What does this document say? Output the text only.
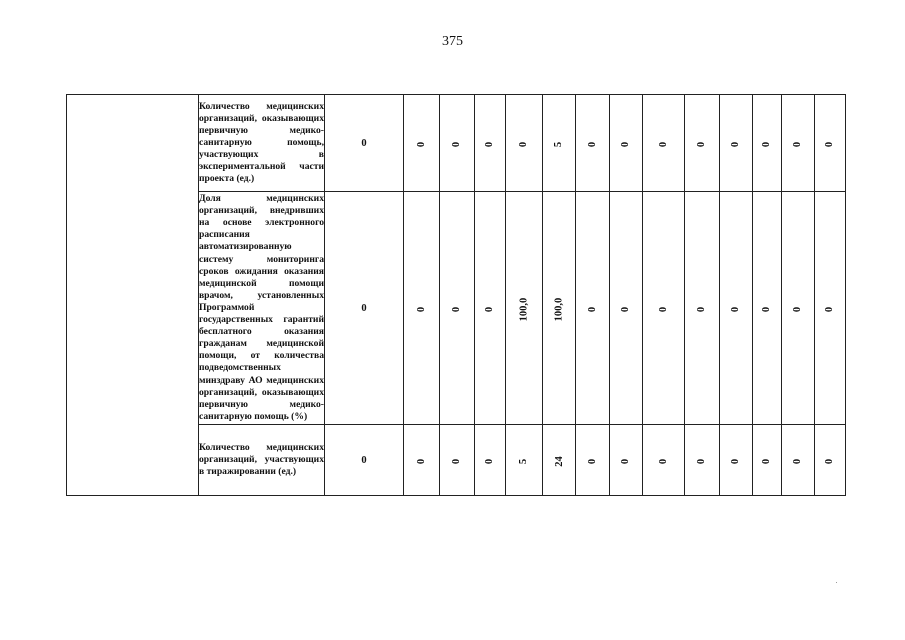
375
	Количество медицинских организаций, оказывающих первичную медико-санитарную помощь, участвующих в экспериментальной части проекта (ед.)	0	0	0	0	0	5	0	0	0	0	0	0	0	0
	Доля медицинских организаций, внедривших на основе электронного расписания автоматизированную систему мониторинга сроков ожидания оказания медицинской помощи врачом, установленных Программой государственных гарантий бесплатного оказания гражданам медицинской помощи, от количества подведомственных минздраву АО медицинских организаций, оказывающих первичную медико-санитарную помощь (%)	0	0	0	0	100,0	100,0	0	0	0	0	0	0	0	0
	Количество медицинских организаций, участвующих в тиражировании (ед.)	0	0	0	0	5	24	0	0	0	0	0	0	0	0
